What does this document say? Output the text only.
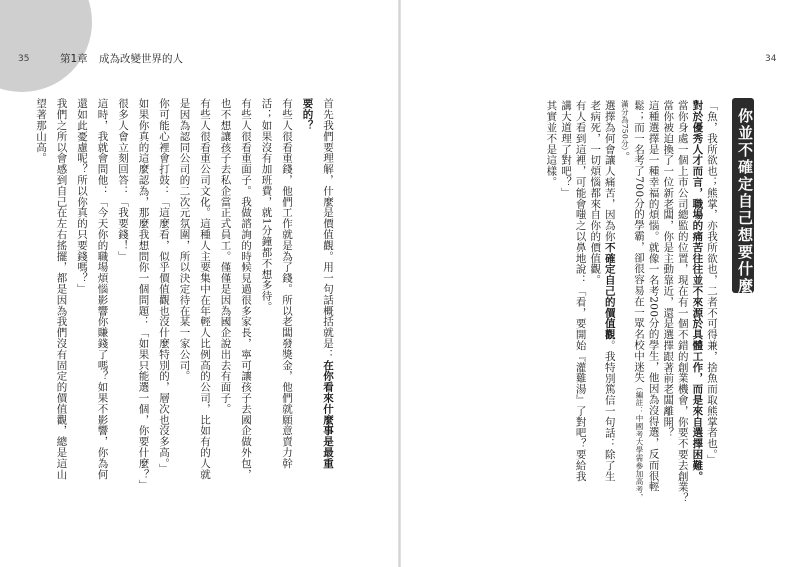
35	34
第1章 成為改變世界的人
你並不確定自己想要什麼
「魚，我所欲也；熊掌，亦我所欲也，二者不可得兼，捨魚而取熊掌者也。」
對於優秀人才而言，職場的痛苦往往並不來源於具體工作，而是來自選擇困難。
當你身處一個上市公司總監的位置，現在有一個不錯的創業機會，你要不要去創業？
當你被迫換了一位新老闆，你是主動靠近，還是選擇跟著前老闆離開？
這種選擇是一種幸福的煩惱。就像一名考200分的學生，他因為沒得選，反而很輕
鬆；而一名考了700分的學霸，卻很容易在一眾名校中迷失（編註：中國考大學需參加高考，
滿分為750分）。
選擇為何會讓人痛苦，因為你不確定自己的價值觀。我特別篤信一句話：除了生
老病死，一切煩惱都來自你的價值觀。
有人看到這裡，可能會嗤之以鼻地說：「看，要開始『灌雞湯』了對吧？要給我
講大道理了對吧？」
其實並不是這樣。
首先我們要理解，什麼是價值觀。用一句話概括就是：在你看來什麼事是最重
要的？
有些人很看重錢，他們工作就是為了錢。所以老闆發獎金，他們就願意賣力幹
活；如果沒有加班費，就1分鐘都不想多待。
有些人很看重面子。我做諮詢的時候見過很多家長，寧可讓孩子去國企做外包，
也不想讓孩子去私企當正式員工。僅僅是因為國企說出去有面子。
有些人很看重公司文化。這種人主要集中在年輕人比例高的公司，比如有的人就
是因為認同公司的二次元氛圍，所以決定待在某一家公司。
你可能心裡會打鼓：「這麼看，似乎價值觀也沒什麼特別的，層次也沒多高。」
如果你真的這麼認為，那麼我想問你一個問題：「如果只能選一個，你要什麼？」
很多人會立刻回答：「我要錢！」
這時，我就會問他：「今天你的職場煩惱影響你賺錢了嗎？如果不影響，你為何
還如此憂慮呢？所以你真的只要錢嗎？」
我們之所以會感到自己在左右搖擺，都是因為我們沒有固定的價值觀，總是這山
望著那山高。
